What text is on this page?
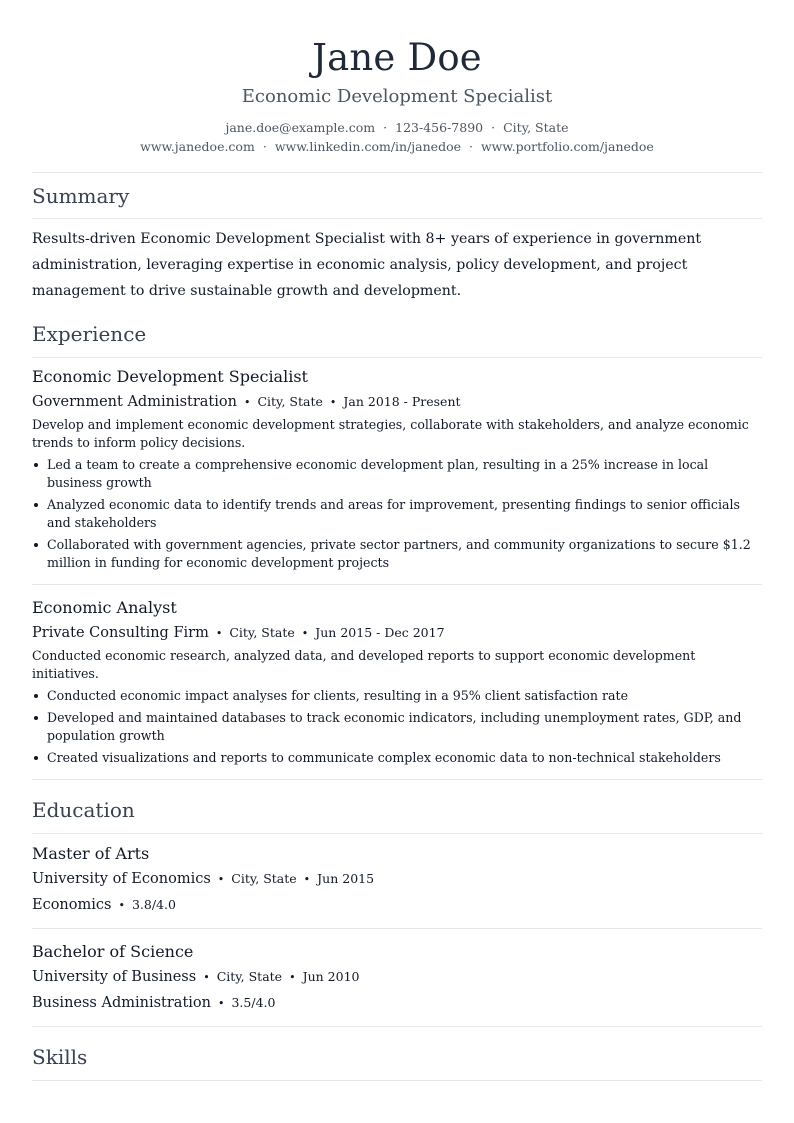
Jane Doe
Economic Development Specialist
jane.doe@example.com · 123-456-7890 · City, State
www.janedoe.com · www.linkedin.com/in/janedoe · www.portfolio.com/janedoe
Summary
Results-driven Economic Development Specialist with 8+ years of experience in government administration, leveraging expertise in economic analysis, policy development, and project management to drive sustainable growth and development.
Experience
Economic Development Specialist
Government Administration • City, State • Jan 2018 - Present
Develop and implement economic development strategies, collaborate with stakeholders, and analyze economic trends to inform policy decisions.
Led a team to create a comprehensive economic development plan, resulting in a 25% increase in local business growth
Analyzed economic data to identify trends and areas for improvement, presenting findings to senior officials and stakeholders
Collaborated with government agencies, private sector partners, and community organizations to secure $1.2 million in funding for economic development projects
Economic Analyst
Private Consulting Firm • City, State • Jun 2015 - Dec 2017
Conducted economic research, analyzed data, and developed reports to support economic development initiatives.
Conducted economic impact analyses for clients, resulting in a 95% client satisfaction rate
Developed and maintained databases to track economic indicators, including unemployment rates, GDP, and population growth
Created visualizations and reports to communicate complex economic data to non-technical stakeholders
Education
Master of Arts
University of Economics • City, State • Jun 2015
Economics • 3.8/4.0
Bachelor of Science
University of Business • City, State • Jun 2010
Business Administration • 3.5/4.0
Skills
